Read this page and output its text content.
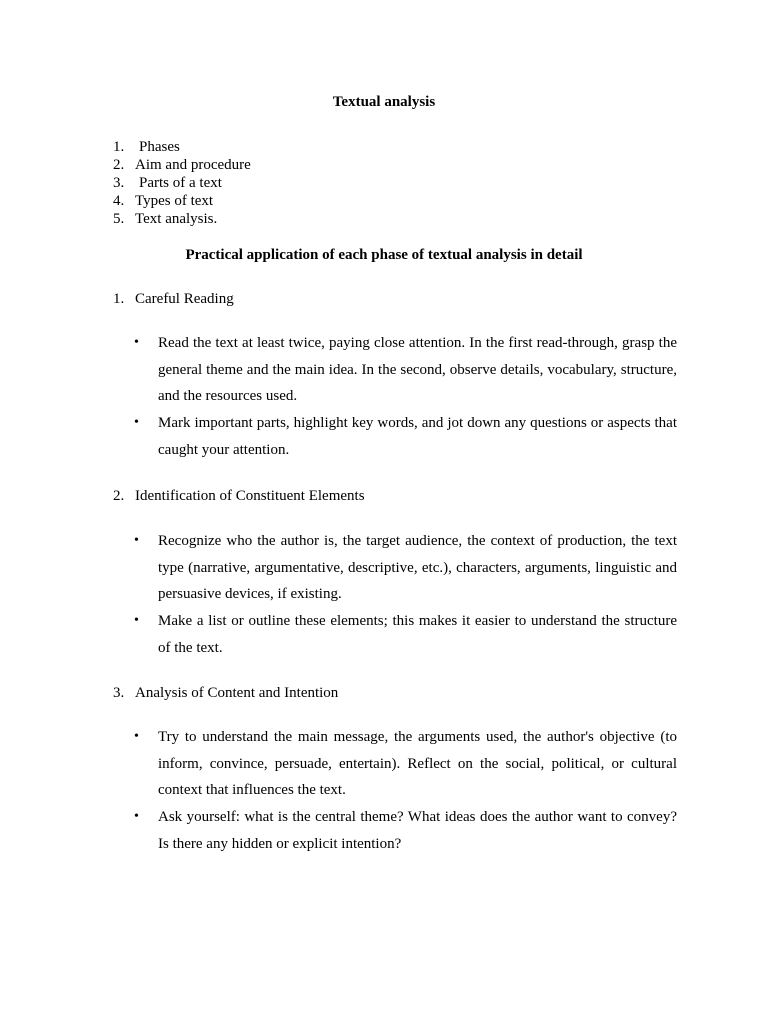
Textual analysis
1. Phases
2. Aim and procedure
3. Parts of a text
4. Types of text
5. Text analysis.
Practical application of each phase of textual analysis in detail
1. Careful Reading
• Read the text at least twice, paying close attention. In the first read-through, grasp the general theme and the main idea. In the second, observe details, vocabulary, structure, and the resources used.
• Mark important parts, highlight key words, and jot down any questions or aspects that caught your attention.
2. Identification of Constituent Elements
• Recognize who the author is, the target audience, the context of production, the text type (narrative, argumentative, descriptive, etc.), characters, arguments, linguistic and persuasive devices, if existing.
• Make a list or outline these elements; this makes it easier to understand the structure of the text.
3. Analysis of Content and Intention
• Try to understand the main message, the arguments used, the author's objective (to inform, convince, persuade, entertain). Reflect on the social, political, or cultural context that influences the text.
• Ask yourself: what is the central theme? What ideas does the author want to convey? Is there any hidden or explicit intention?
